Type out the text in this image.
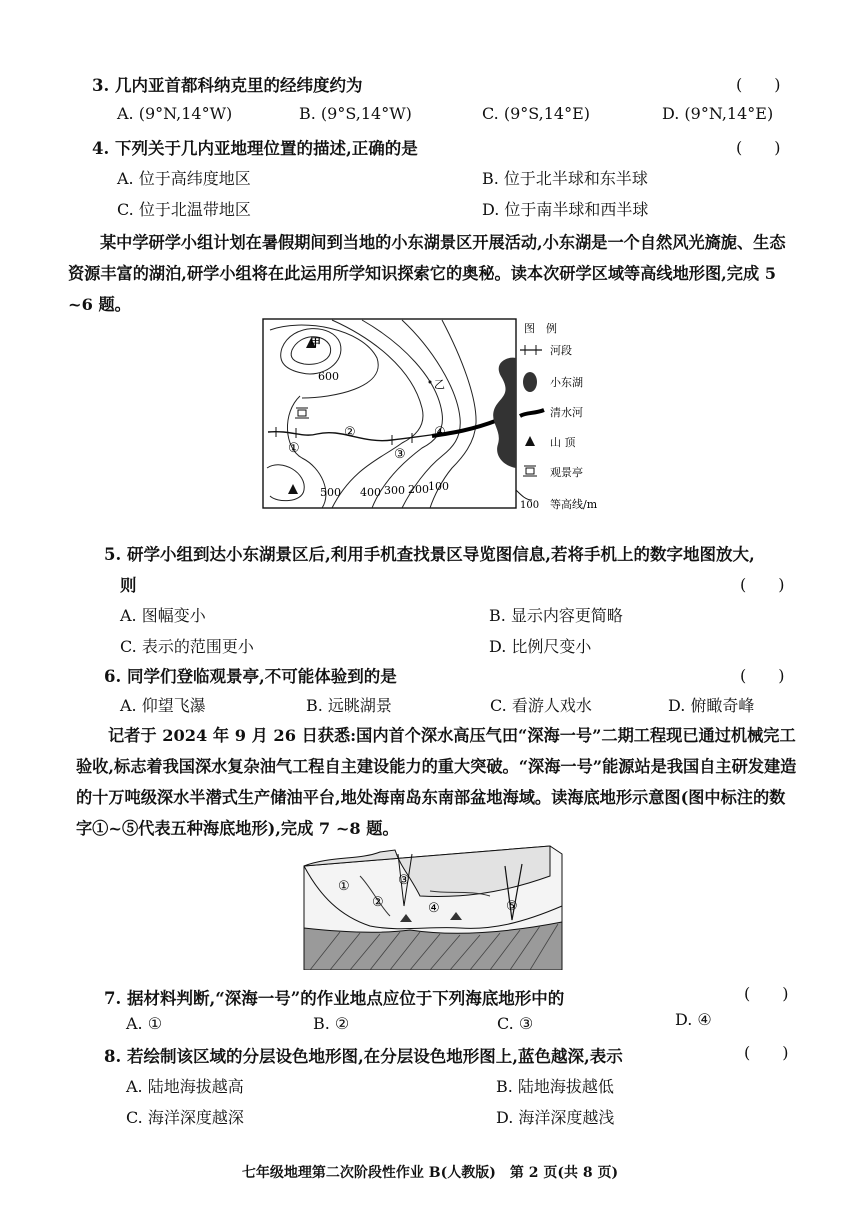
3. 几内亚首都科纳克里的经纬度约为	(　　)
A. (9°N,14°W)	B. (9°S,14°W)	C. (9°S,14°E)	D. (9°N,14°E)
4. 下列关于几内亚地理位置的描述,正确的是	(　　)
A. 位于高纬度地区	B. 位于北半球和东半球
C. 位于北温带地区	D. 位于南半球和西半球
某中学研学小组计划在暑假期间到当地的小东湖景区开展活动,小东湖是一个自然风光旖旎、生态资源丰富的湖泊,研学小组将在此运用所学知识探索它的奥秘。读本次研学区域等高线地形图,完成 5 ~6 题。
甲
乙
600
500 400 300 200 100
①
②
③
④
图　例
河段
小东湖
清水河
山 顶
观景亭
100 等高线/m
5. 研学小组到达小东湖景区后,利用手机查找景区导览图信息,若将手机上的数字地图放大,
则	(　　)
A. 图幅变小	B. 显示内容更简略
C. 表示的范围更小	D. 比例尺变小
6. 同学们登临观景亭,不可能体验到的是	(　　)
A. 仰望飞瀑	B. 远眺湖景	C. 看游人戏水	D. 俯瞰奇峰
记者于 2024 年 9 月 26 日获悉:国内首个深水高压气田“深海一号”二期工程现已通过机械完工验收,标志着我国深水复杂油气工程自主建设能力的重大突破。“深海一号”能源站是我国自主研发建造的十万吨级深水半潜式生产储油平台,地处海南岛东南部盆地海域。读海底地形示意图(图中标注的数字①~⑤代表五种海底地形),完成 7 ~8 题。
①
②
③
④	⑤
7. 据材料判断,“深海一号”的作业地点应位于下列海底地形中的	(　　)
A. ①	B. ②	C. ③	D. ④
8. 若绘制该区域的分层设色地形图,在分层设色地形图上,蓝色越深,表示	(　　)
A. 陆地海拔越高	B. 陆地海拔越低
C. 海洋深度越深	D. 海洋深度越浅
七年级地理第二次阶段性作业 B(人教版)　第 2 页(共 8 页)
